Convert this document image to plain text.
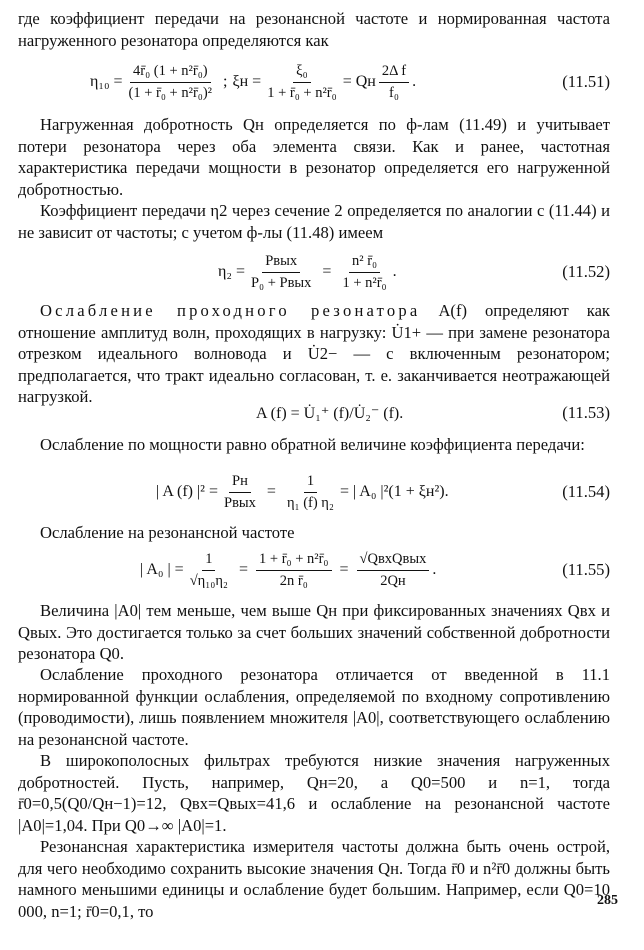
где коэффициент передачи на резонансной частоте и нормированная частота нагруженного резонатора определяются как

$\eta_{10} = \frac{\text{4r̄₀ (1 + n²r̄₀)}}{\text{(1 + r̄₀ + n²r̄₀)²}}$ ; $\xi н = \frac{\text{ξ₀}}{\text{1 + r̄₀ + n²r̄₀}}$ = Qн $\frac{\text{2Δ f}}{\text{f₀}}$ .	(11.51)

Нагруженная добротность Qн определяется по ф-лам (11.49) и учитывает потери резонатора через оба элемента связи. Как и ранее, частотная характеристика передачи мощности в резонатор определяется его нагруженной добротностью.

Коэффициент передачи η2 через сечение 2 определяется по аналогии с (11.44) и не зависит от частоты; с учетом ф-лы (11.48) имеем

$\eta_2 = \frac{\text{Pвых}}{\text{P₀ + Pвых}} = \frac{\text{n² r̄₀}}{\text{1 + n²r̄₀}}$ .	(11.52)

Ослабление проходного резонатора A(f) определяют как отношение амплитуд волн, проходящих в нагрузку: U̇1+ — при замене резонатора отрезком идеального волновода и U̇2− — с включенным резонатором; предполагается, что тракт идеально согласован, т. е. заканчивается неотражающей нагрузкой.

A (f) = U̇₁⁺ (f)/U̇₂⁻ (f).	(11.53)

Ослабление по мощности равно обратной величине коэффициента передачи:

| A (f) $|^2 = \frac{Pн}{\text{Pвых}} = \frac{1}{\text{η₁ (f) η₂}}$ = | A₀ |²(1 + ξн²).	(11.54)

Ослабление на резонансной частоте

| A₀ | = $\frac{1}{\text{√η₁₀η₂}} = \frac{\text{1 + r̄₀ + n²r̄₀}}{\text{2n r̄₀}} = \frac{\text{√QвхQвых}}{2Qн}$ .	(11.55)

Величина |A0| тем меньше, чем выше Qн при фиксированных значениях Qвх и Qвых. Это достигается только за счет больших значений собственной добротности резонатора Q0.

Ослабление проходного резонатора отличается от введенной в 11.1 нормированной функции ослабления, определяемой по входному сопротивлению (проводимости), лишь появлением множителя |A0|, соответствующего ослаблению на резонансной частоте.

В широкополосных фильтрах требуются низкие значения нагруженных добротностей. Пусть, например, Qн=20, а Q0=500 и n=1, тогда r̄0=0,5(Q0/Qн−1)=12, Qвх=Qвых=41,6 и ослабление на резонансной частоте |A0|=1,04. При Q0→∞ |A0|=1.

Резонансная характеристика измерителя частоты должна быть очень острой, для чего необходимо сохранить высокие значения Qн. Тогда r̄0 и n²r̄0 должны быть намного меньшими единицы и ослабление будет большим. Например, если Q0=10 000, n=1; r̄0=0,1, то

285
